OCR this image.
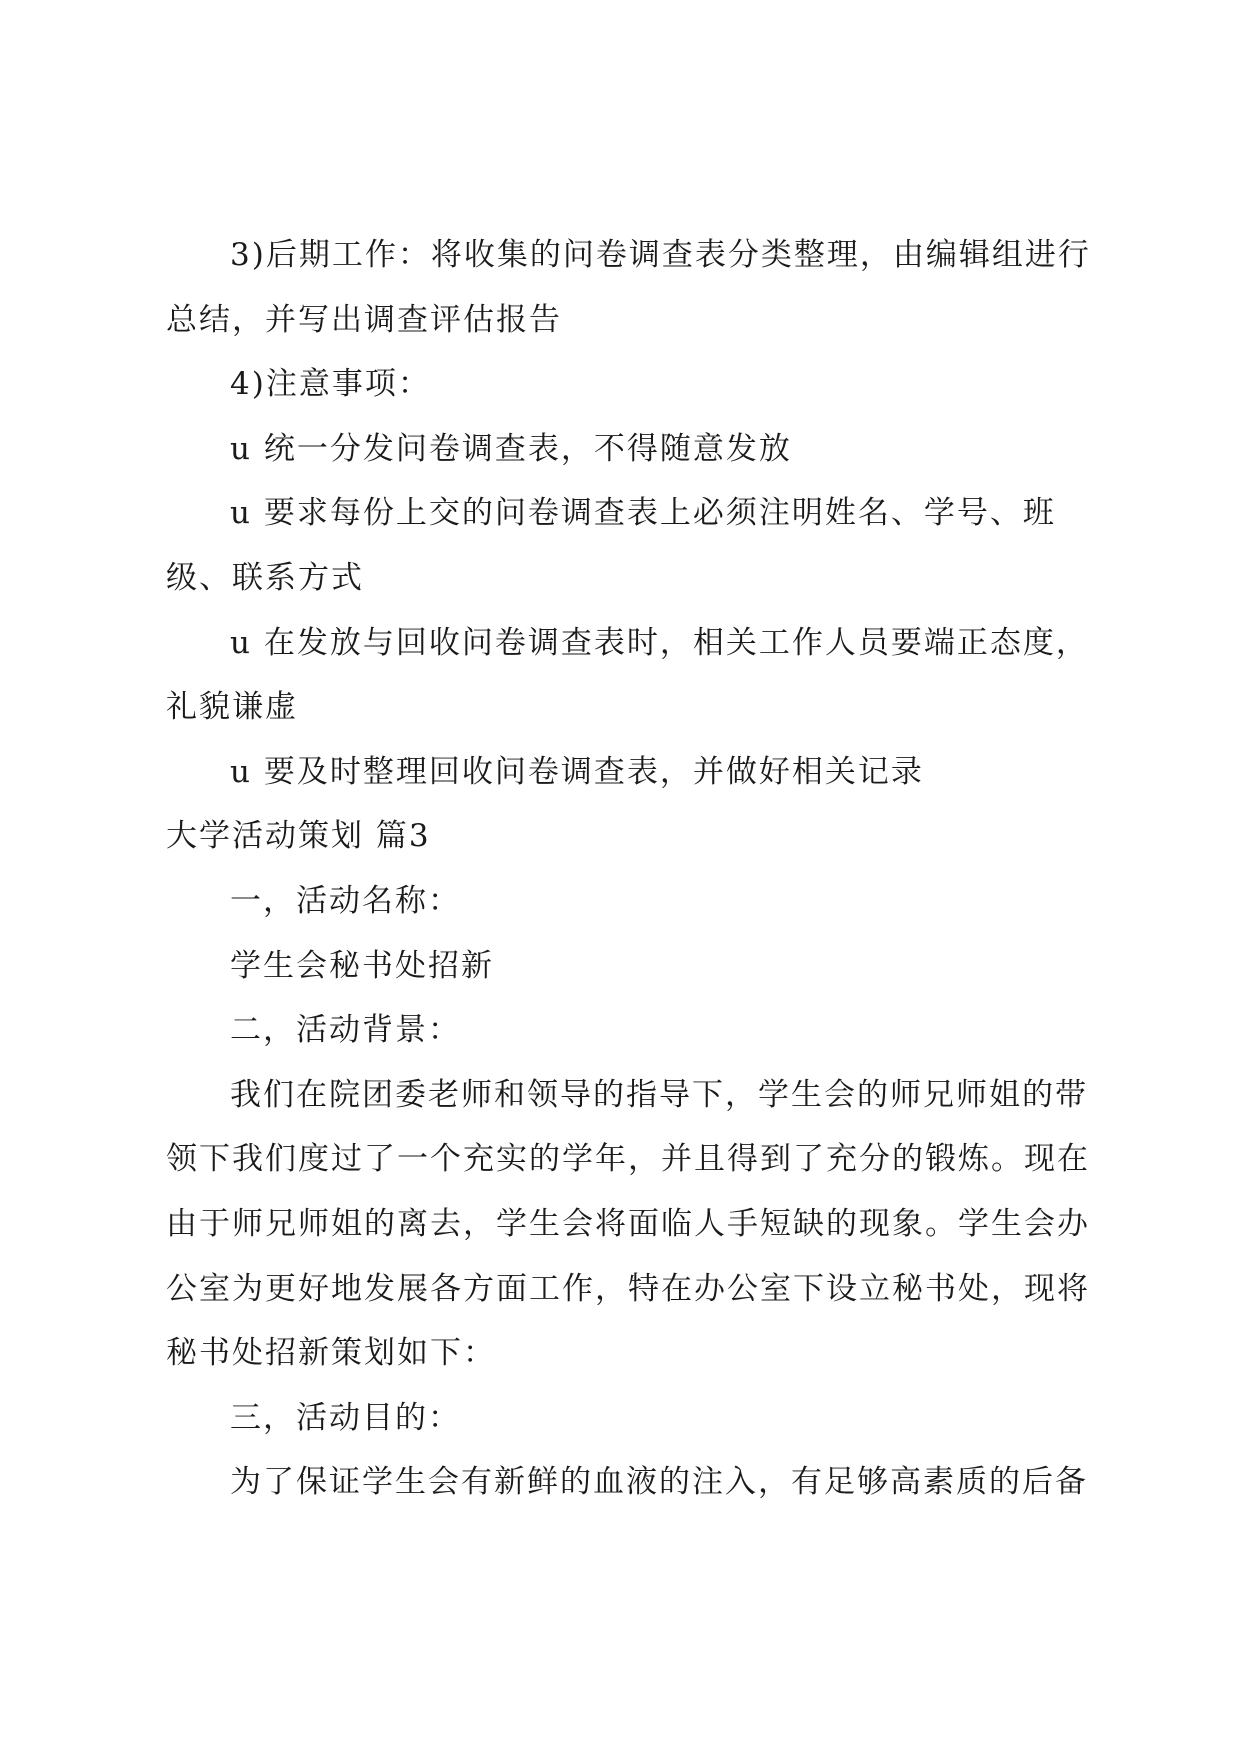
3)后期工作：将收集的问卷调查表分类整理，由编辑组进行总结，并写出调查评估报告

4)注意事项：

u 统一分发问卷调查表，不得随意发放

u 要求每份上交的问卷调查表上必须注明姓名、学号、班级、联系方式

u 在发放与回收问卷调查表时，相关工作人员要端正态度，礼貌谦虚

u 要及时整理回收问卷调查表，并做好相关记录

大学活动策划 篇3

一，活动名称：

学生会秘书处招新

二，活动背景：

我们在院团委老师和领导的指导下，学生会的师兄师姐的带领下我们度过了一个充实的学年，并且得到了充分的锻炼。现在由于师兄师姐的离去，学生会将面临人手短缺的现象。学生会办公室为更好地发展各方面工作，特在办公室下设立秘书处，现将秘书处招新策划如下：

三，活动目的：

为了保证学生会有新鲜的血液的注入，有足够高素质的后备
